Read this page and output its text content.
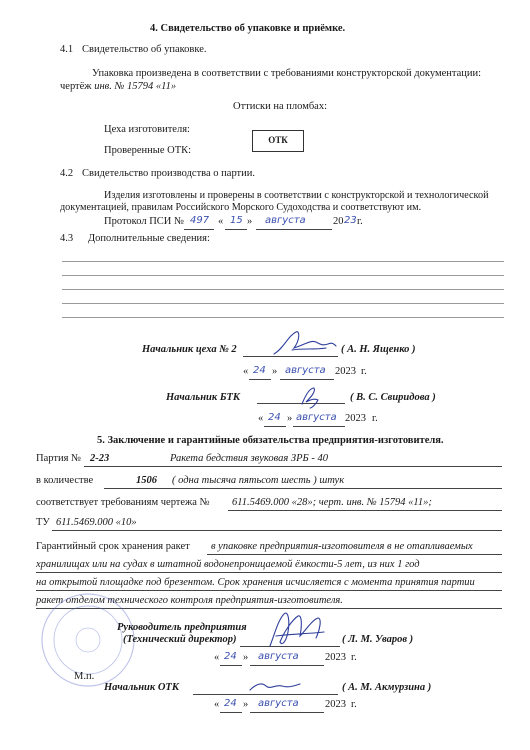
4. Свидетельство об упаковке и приёмке.
4.1 Свидетельство об упаковке.
Упаковка произведена в соответствии с требованиями конструкторской документации:
чертёж инв. № 15794 «11»
Оттиски на пломбах:
Цеха изготовителя:
Проверенные ОТК:
ОТК
4.2 Свидетельство производства о партии.
Изделия изготовлены и проверены в соответствии с конструкторской и технологической
документацией, правилам Российского Морского Судоходства и соответствуют им.
Протокол ПСИ № 497 « 15 » августа	20 23 г.
4.3 Дополнительные сведения:
Начальник цеха № 2	( А. Н. Ященко )
« 24 » августа 2023 г.
Начальник БТК	( В. С. Свиридова )
« 24 » августа 2023 г.
5. Заключение и гарантийные обязательства предприятия-изготовителя.
Партия № 2-23	Ракета бедствия звуковая ЗРБ - 40
в количестве	1506 ( одна тысяча пятьсот шесть ) штук
соответствует требованиям чертежа № 611.5469.000 «28»; черт. инв. № 15794 «11»;
ТУ 611.5469.000 «10»
Гарантийный срок хранения ракет в упаковке предприятия-изготовителя в не отапливаемых
хранилищах или на судах в штатной водонепроницаемой ёмкости-5 лет, из них 1 год
на открытой площадке под брезентом. Срок хранения исчисляется с момента принятия партии
ракет отделом технического контроля предприятия-изготовителя.
Руководитель предприятия
(Технический директор)	( Л. М. Уваров )
« 24 » августа	2023 г.
М.п.
Начальник ОТК	( А. М. Акмурзина )
« 24 » августа	2023 г.
